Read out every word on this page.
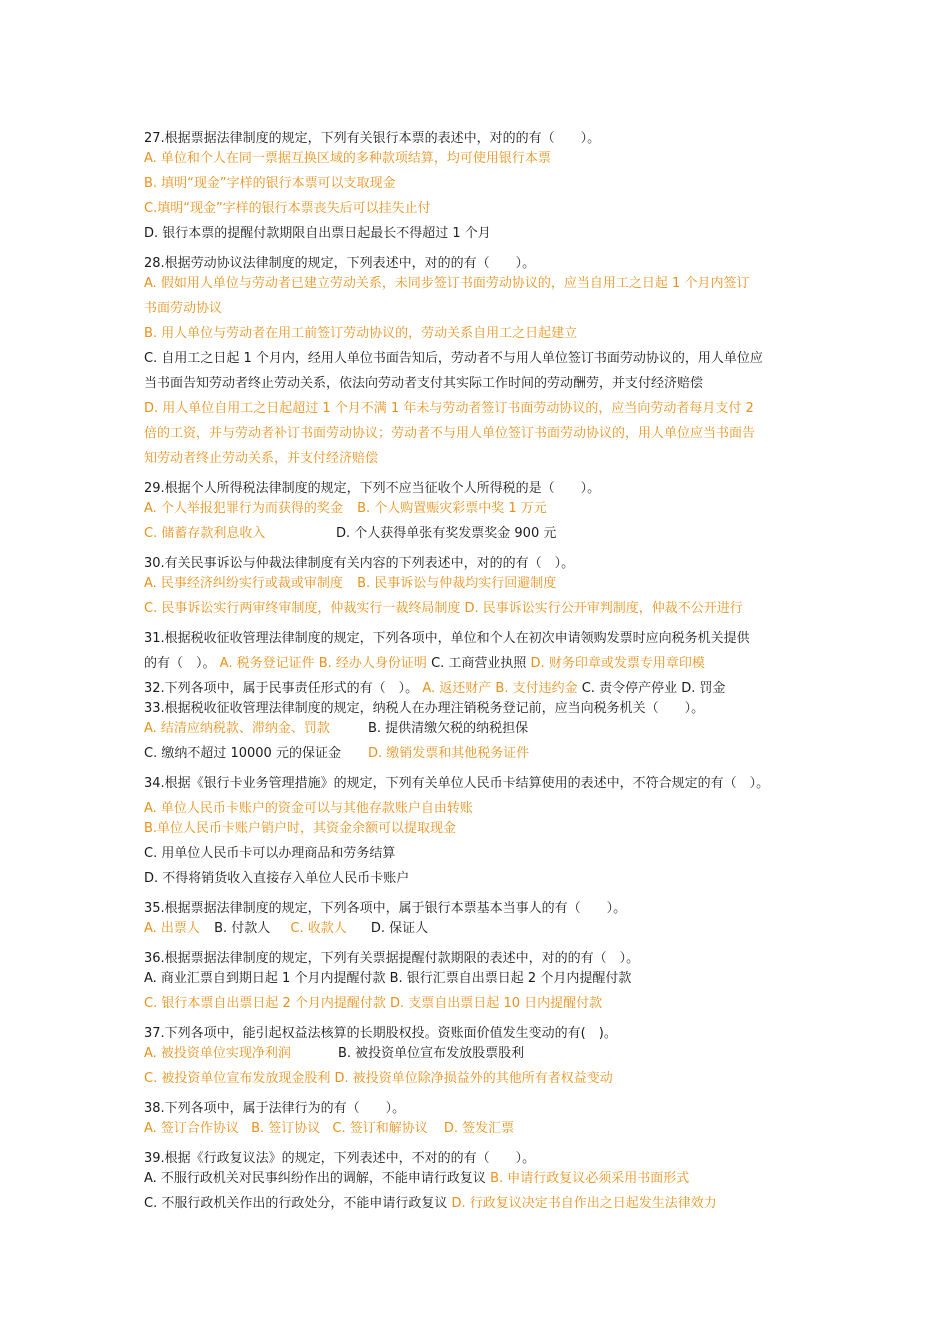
27.根据票据法律制度的规定，下列有关银行本票的表述中，对的的有（　　）。
A. 单位和个人在同一票据互换区域的多种款项结算，均可使用银行本票
B. 填明“现金”字样的银行本票可以支取现金
C.填明“现金”字样的银行本票丧失后可以挂失止付
D. 银行本票的提醒付款期限自出票日起最长不得超过 1 个月
28.根据劳动协议法律制度的规定，下列表述中，对的的有（　　）。
A. 假如用人单位与劳动者已建立劳动关系，未同步签订书面劳动协议的，应当自用工之日起 1 个月内签订
书面劳动协议
B. 用人单位与劳动者在用工前签订劳动协议的，劳动关系自用工之日起建立
C. 自用工之日起 1 个月内，经用人单位书面告知后，劳动者不与用人单位签订书面劳动协议的，用人单位应
当书面告知劳动者终止劳动关系，依法向劳动者支付其实际工作时间的劳动酬劳，并支付经济赔偿
D. 用人单位自用工之日起超过 1 个月不满 1 年未与劳动者签订书面劳动协议的，应当向劳动者每月支付 2
倍的工资，并与劳动者补订书面劳动协议；劳动者不与用人单位签订书面劳动协议的，用人单位应当书面告
知劳动者终止劳动关系，并支付经济赔偿
29.根据个人所得税法律制度的规定，下列不应当征收个人所得税的是（　　）。
A. 个人举报犯罪行为而获得的奖金 B. 个人购置赈灾彩票中奖 1 万元
C. 储蓄存款利息收入	D. 个人获得单张有奖发票奖金 900 元
30.有关民事诉讼与仲裁法律制度有关内容的下列表述中，对的的有（　）。
A. 民事经济纠纷实行或裁或审制度 B. 民事诉讼与仲裁均实行回避制度
C. 民事诉讼实行两审终审制度，仲裁实行一裁终局制度 D. 民事诉讼实行公开审判制度，仲裁不公开进行
31.根据税收征收管理法律制度的规定，下列各项中，单位和个人在初次申请领购发票时应向税务机关提供
的有（　）。 A. 税务登记证件 B. 经办人身份证明 C. 工商营业执照 D. 财务印章或发票专用章印模
32.下列各项中，属于民事责任形式的有（　）。 A. 返还财产 B. 支付违约金 C. 责令停产停业 D. 罚金
33.根据税收征收管理法律制度的规定，纳税人在办理注销税务登记前，应当向税务机关（　　）。
A. 结清应纳税款、滞纳金、罚款	B. 提供清缴欠税的纳税担保
C. 缴纳不超过 10000 元的保证金 D. 缴销发票和其他税务证件
34.根据《银行卡业务管理措施》的规定，下列有关单位人民币卡结算使用的表述中，不符合规定的有（　）。
A. 单位人民币卡账户的资金可以与其他存款账户自由转账
B.单位人民币卡账户销户时，其资金余额可以提取现金
C. 用单位人民币卡可以办理商品和劳务结算
D. 不得将销货收入直接存入单位人民币卡账户
35.根据票据法律制度的规定，下列各项中，属于银行本票基本当事人的有（　　）。
A. 出票人 B. 付款人 C. 收款人 D. 保证人
36.根据票据法律制度的规定，下列有关票据提醒付款期限的表述中，对的的有（　）。
A. 商业汇票自到期日起 1 个月内提醒付款 B. 银行汇票自出票日起 2 个月内提醒付款
C. 银行本票自出票日起 2 个月内提醒付款 D. 支票自出票日起 10 日内提醒付款
37.下列各项中，能引起权益法核算的长期股权投。资账面价值发生变动的有(　)。
A. 被投资单位实现净利润	B. 被投资单位宣布发放股票股利
C. 被投资单位宣布发放现金股利 D. 被投资单位除净损益外的其他所有者权益变动
38.下列各项中，属于法律行为的有（　　）。
A. 签订合作协议 B. 签订协议 C. 签订和解协议 D. 签发汇票
39.根据《行政复议法》的规定，下列表述中，不对的的有（　　）。
A. 不服行政机关对民事纠纷作出的调解，不能申请行政复议 B. 申请行政复议必须采用书面形式
C. 不服行政机关作出的行政处分，不能申请行政复议 D. 行政复议决定书自作出之日起发生法律效力
